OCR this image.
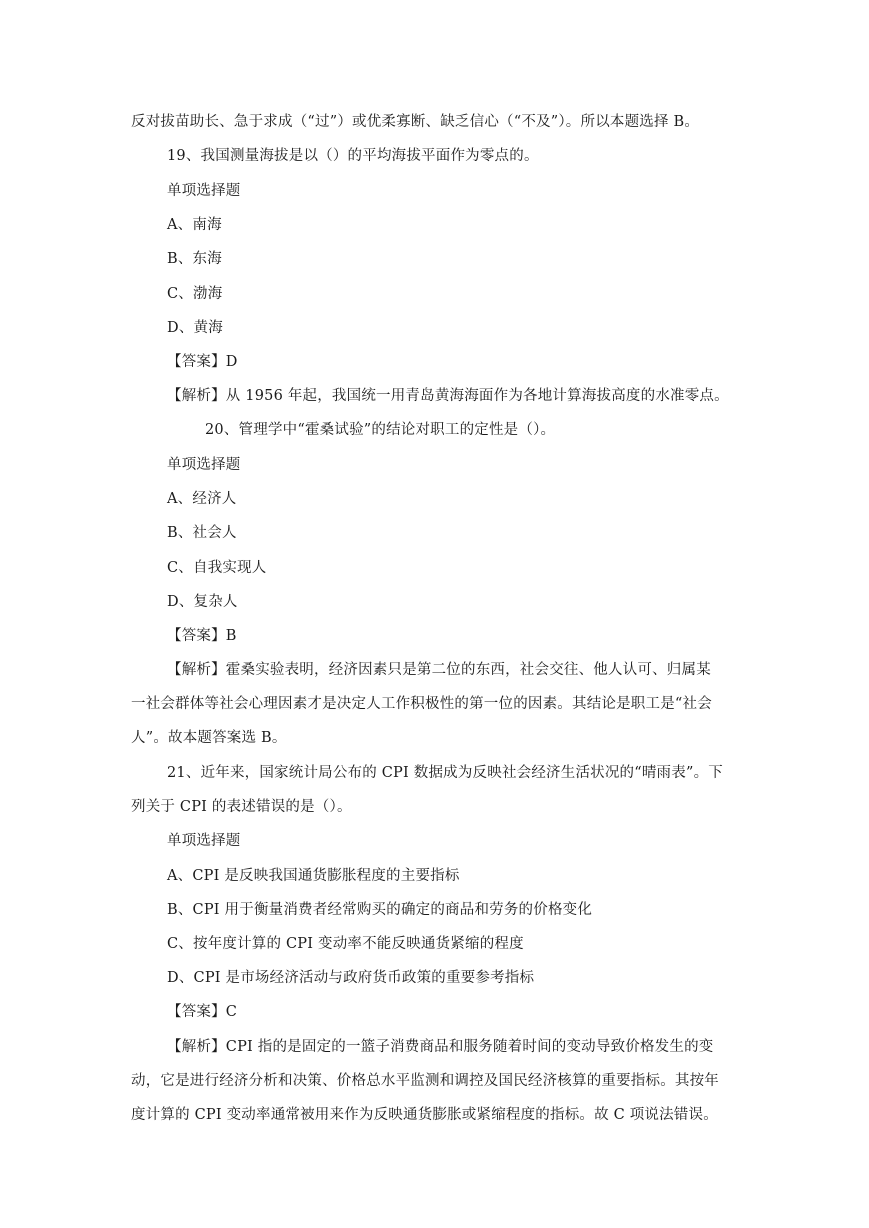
反对拔苗助长、急于求成（“过”）或优柔寡断、缺乏信心（“不及”）。所以本题选择 B。
19、我国测量海拔是以（）的平均海拔平面作为零点的。
单项选择题
A、南海
B、东海
C、渤海
D、黄海
【答案】D
【解析】从 1956 年起，我国统一用青岛黄海海面作为各地计算海拔高度的水准零点。
20、管理学中“霍桑试验”的结论对职工的定性是（）。
单项选择题
A、经济人
B、社会人
C、自我实现人
D、复杂人
【答案】B
【解析】霍桑实验表明，经济因素只是第二位的东西，社会交往、他人认可、归属某
一社会群体等社会心理因素才是决定人工作积极性的第一位的因素。其结论是职工是“社会
人”。故本题答案选 B。
21、近年来，国家统计局公布的 CPI 数据成为反映社会经济生活状况的“晴雨表”。下
列关于 CPI 的表述错误的是（）。
单项选择题
A、CPI 是反映我国通货膨胀程度的主要指标
B、CPI 用于衡量消费者经常购买的确定的商品和劳务的价格变化
C、按年度计算的 CPI 变动率不能反映通货紧缩的程度
D、CPI 是市场经济活动与政府货币政策的重要参考指标
【答案】C
【解析】CPI 指的是固定的一篮子消费商品和服务随着时间的变动导致价格发生的变
动，它是进行经济分析和决策、价格总水平监测和调控及国民经济核算的重要指标。其按年
度计算的 CPI 变动率通常被用来作为反映通货膨胀或紧缩程度的指标。故 C 项说法错误。
